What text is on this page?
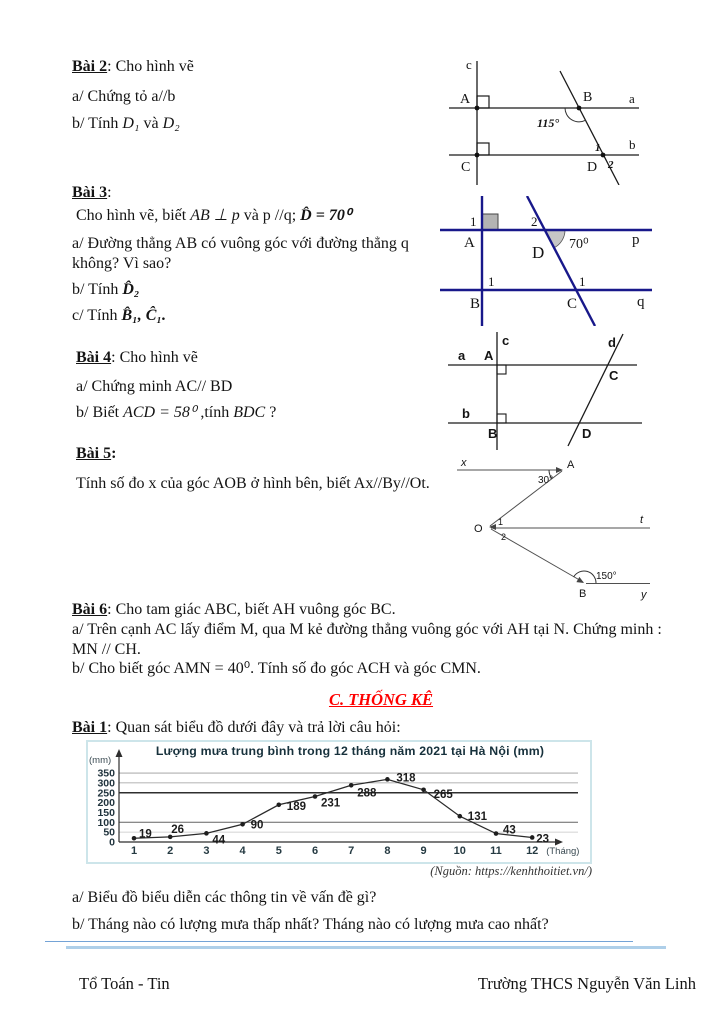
Bài 2: Cho hình vẽ
a/ Chứng tỏ a//b
b/ Tính D₁ và D₂
c
A	B	a
115°
1 b
C	D 2
Bài 3:
Cho hình vẽ, biết AB ⊥ p và p //q; D̂ = 70⁰
a/ Đường thẳng AB có vuông góc với đường thẳng q
không? Vì sao?
b/ Tính D̂₂
c/ Tính B̂₁, Ĉ₁.
1
A
2
D 70⁰	p
1
B
1
C	q
Bài 4: Cho hình vẽ
a/ Chứng minh AC// BD
b/ Biết ACD = 58⁰ ,tính BDC ?
c	d
a A
C
b
B	D
Bài 5:
Tính số đo x của góc AOB ở hình bên, biết Ax//By//Ot.
x	A
30°
O
1
2
t
B
150°
y
Bài 6: Cho tam giác ABC, biết AH vuông góc BC.
a/ Trên cạnh AC lấy điểm M, qua M kẻ đường thẳng vuông góc với AH tại N. Chứng minh :
MN // CH.
b/ Cho biết góc AMN = 40⁰. Tính số đo góc ACH và góc CMN.
C. THỐNG KÊ
Bài 1: Quan sát biểu đồ dưới đây và trả lời câu hỏi:
350
300
250
200
150
100
50
0
(mm)
1	2	3	4	5	6	7	8	9 10 11 12 (Tháng)
19 26
44
90
189 231
288
318
265
131
43
23
Lượng mưa trung bình trong 12 tháng năm 2021 tại Hà Nội (mm)
(Nguồn: https://kenhthoitiet.vn/)
a/ Biểu đồ biểu diễn các thông tin về vấn đề gì?
b/ Tháng nào có lượng mưa thấp nhất? Tháng nào có lượng mưa cao nhất?
Tổ Toán - Tin	Trường THCS Nguyễn Văn Linh
